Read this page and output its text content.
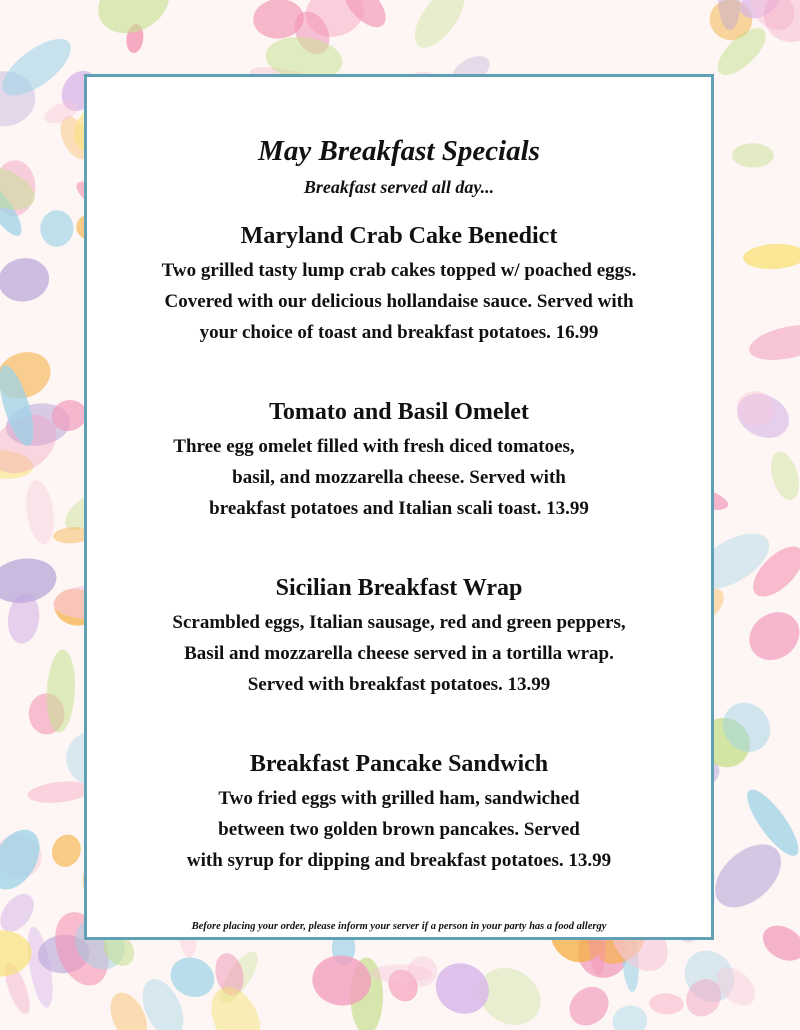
May Breakfast Specials
Breakfast served all day...
Maryland Crab Cake Benedict
Two grilled tasty lump crab cakes topped w/ poached eggs.
Covered with our delicious hollandaise sauce. Served with
your choice of toast and breakfast potatoes. 16.99
Tomato and Basil Omelet
Three egg omelet filled with fresh diced tomatoes,
basil, and mozzarella cheese. Served with
breakfast potatoes and Italian scali toast. 13.99
Sicilian Breakfast Wrap
Scrambled eggs, Italian sausage, red and green peppers,
Basil and mozzarella cheese served in a tortilla wrap.
Served with breakfast potatoes. 13.99
Breakfast Pancake Sandwich
Two fried eggs with grilled ham, sandwiched
between two golden brown pancakes. Served
with syrup for dipping and breakfast potatoes. 13.99
Before placing your order, please inform your server if a person in your party has a food allergy
